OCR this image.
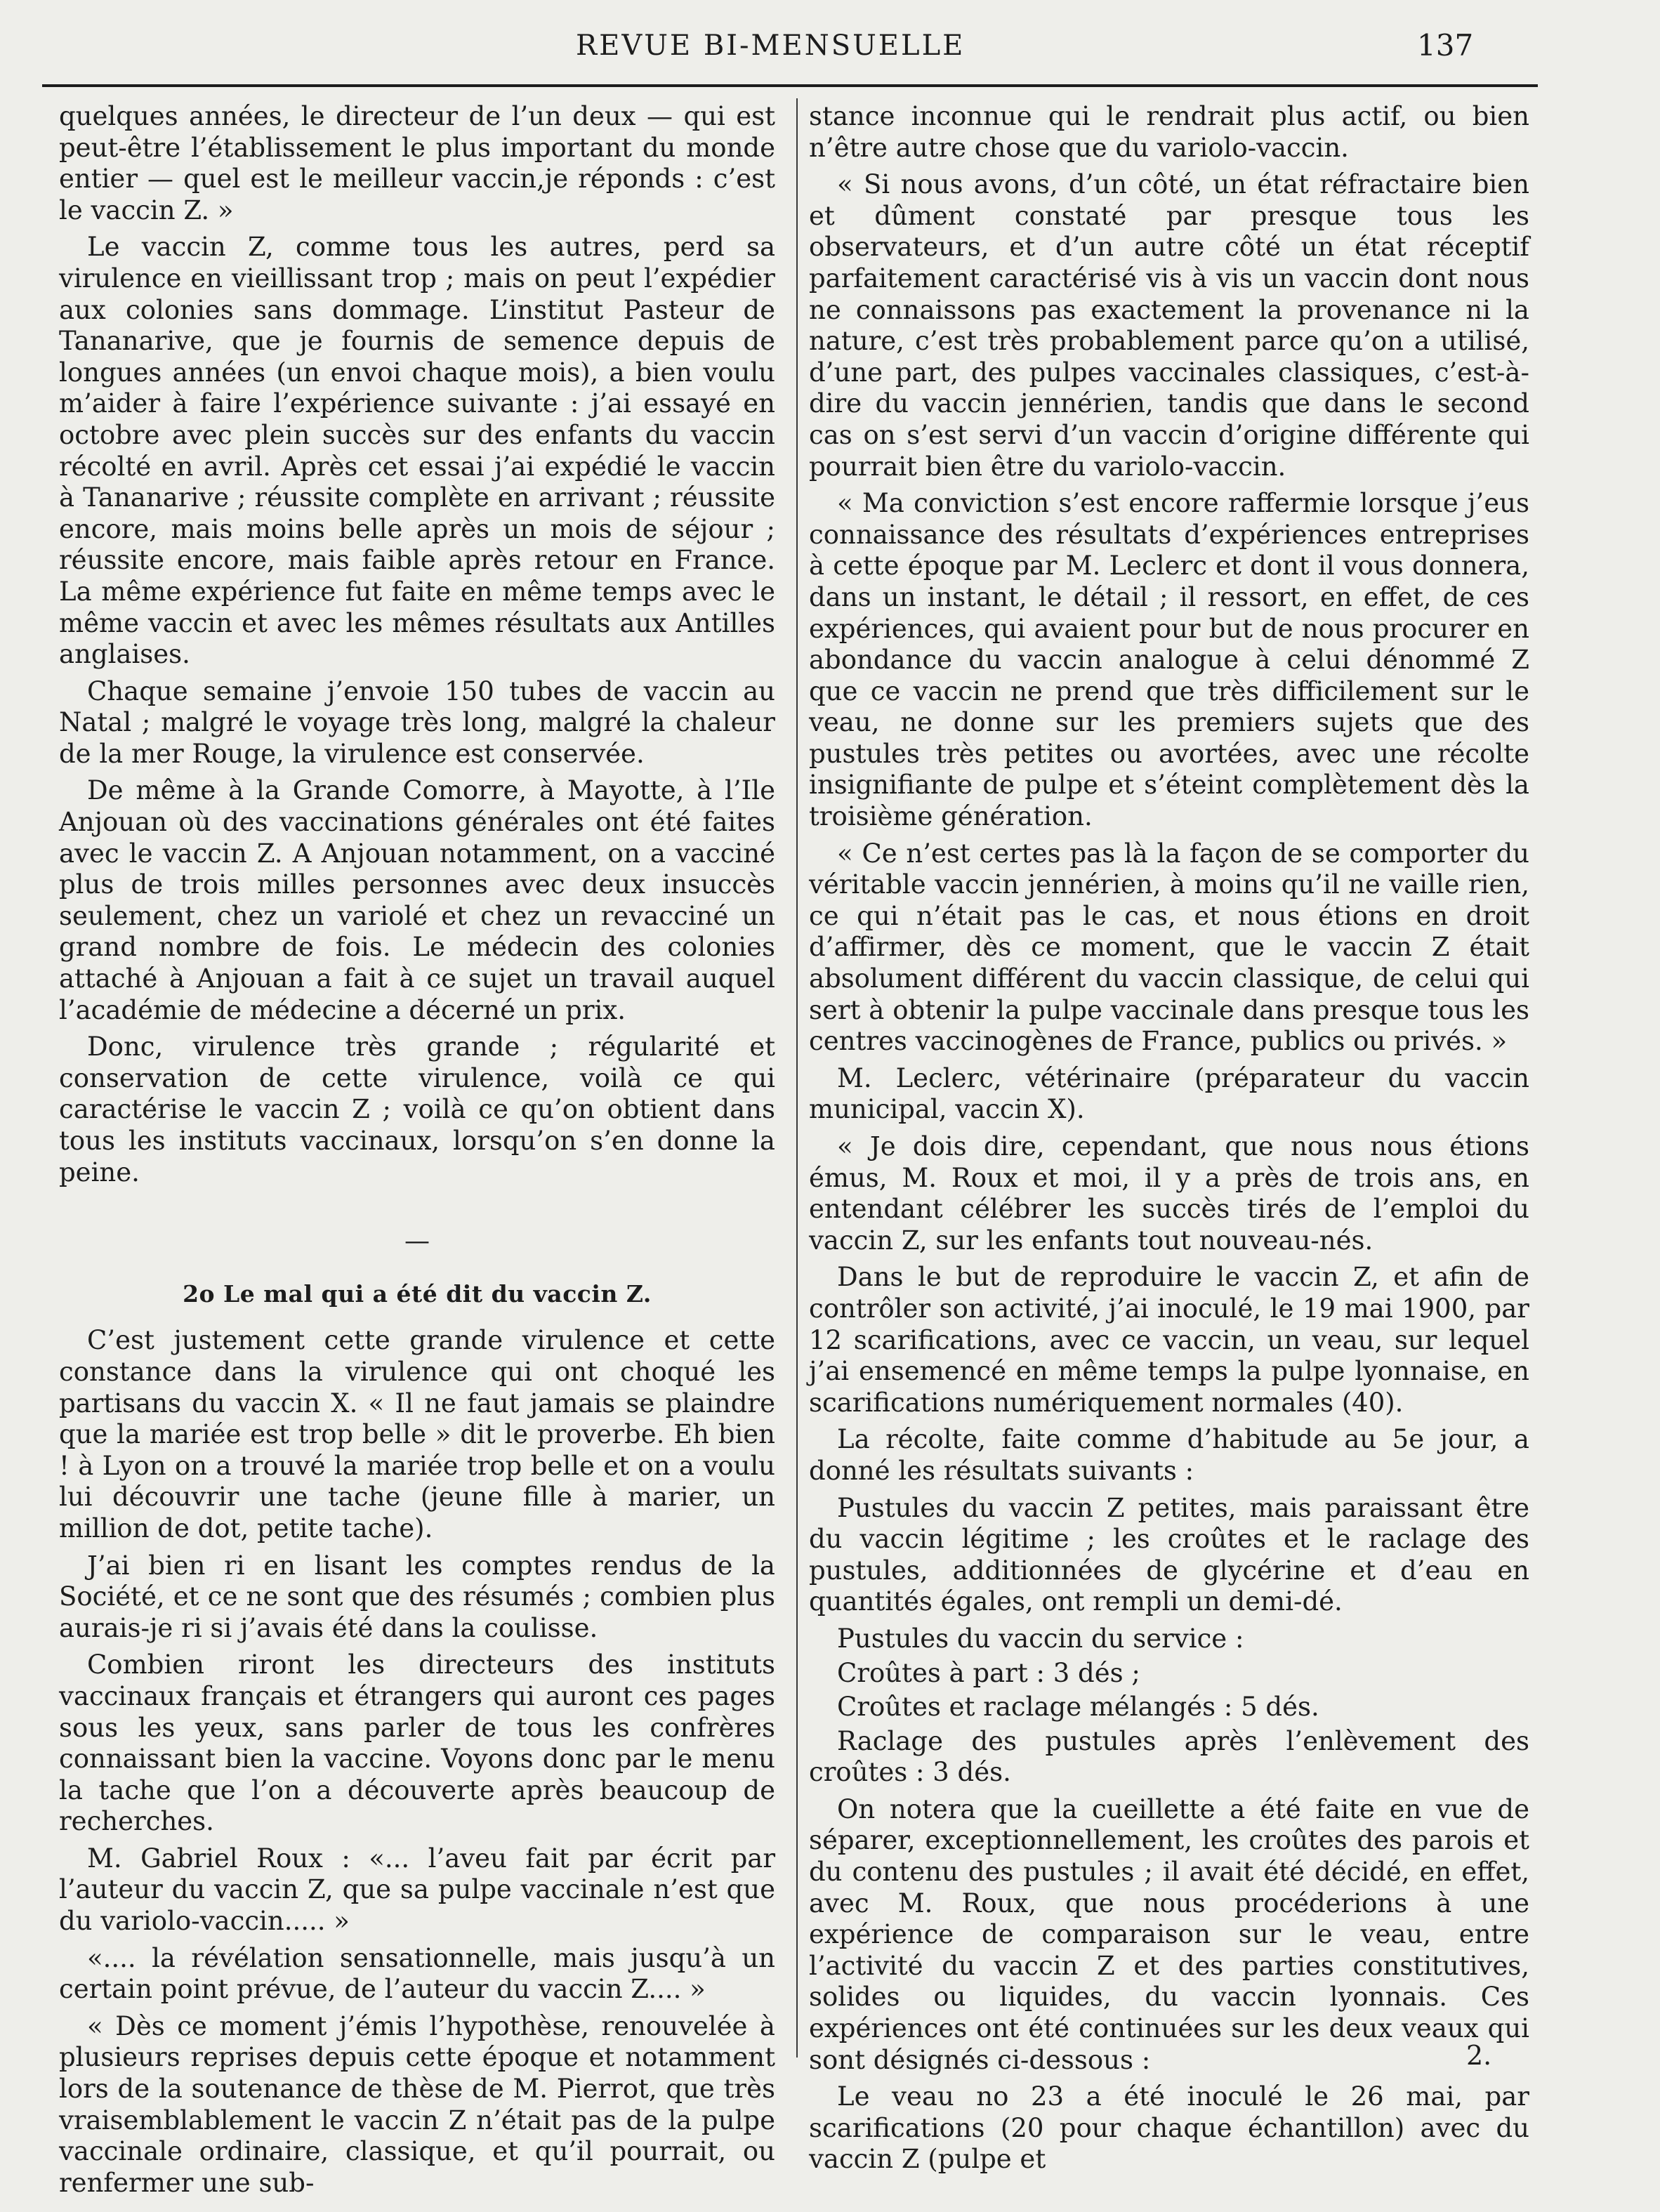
REVUE BI-MENSUELLE	137

quelques années, le directeur de l’un deux — qui est peut-être l’établissement le plus important du monde entier — quel est le meilleur vaccin,je réponds : c’est le vaccin Z. »

Le vaccin Z, comme tous les autres, perd sa virulence en vieillissant trop ; mais on peut l’expédier aux colonies sans dommage. L’institut Pasteur de Tananarive, que je fournis de semence depuis de longues années (un envoi chaque mois), a bien voulu m’aider à faire l’expérience suivante : j’ai essayé en octobre avec plein succès sur des enfants du vaccin récolté en avril. Après cet essai j’ai expédié le vaccin à Tananarive ; réussite complète en arrivant ; réussite encore, mais moins belle après un mois de séjour ; réussite encore, mais faible après retour en France. La même expérience fut faite en même temps avec le même vaccin et avec les mêmes résultats aux Antilles anglaises.

Chaque semaine j’envoie 150 tubes de vaccin au Natal ; malgré le voyage très long, malgré la chaleur de la mer Rouge, la virulence est conservée.

De même à la Grande Comorre, à Mayotte, à l’Ile Anjouan où des vaccinations générales ont été faites avec le vaccin Z. A Anjouan notamment, on a vacciné plus de trois milles personnes avec deux insuccès seulement, chez un variolé et chez un revacciné un grand nombre de fois. Le médecin des colonies attaché à Anjouan a fait à ce sujet un travail auquel l’académie de médecine a décerné un prix.

Donc, virulence très grande ; régularité et conservation de cette virulence, voilà ce qui caractérise le vaccin Z ; voilà ce qu’on obtient dans tous les instituts vaccinaux, lorsqu’on s’en donne la peine.

—
2o Le mal qui a été dit du vaccin Z.

C’est justement cette grande virulence et cette constance dans la virulence qui ont choqué les partisans du vaccin X. « Il ne faut jamais se plaindre que la mariée est trop belle » dit le proverbe. Eh bien ! à Lyon on a trouvé la mariée trop belle et on a voulu lui découvrir une tache (jeune fille à marier, un million de dot, petite tache).

J’ai bien ri en lisant les comptes rendus de la Société, et ce ne sont que des résumés ; combien plus aurais-je ri si j’avais été dans la coulisse.

Combien riront les directeurs des instituts vaccinaux français et étrangers qui auront ces pages sous les yeux, sans parler de tous les confrères connaissant bien la vaccine. Voyons donc par le menu la tache que l’on a découverte après beaucoup de recherches.

M. Gabriel Roux : «... l’aveu fait par écrit par l’auteur du vaccin Z, que sa pulpe vaccinale n’est que du variolo-vaccin..... »

«.... la révélation sensationnelle, mais jusqu’à un certain point prévue, de l’auteur du vaccin Z.... »

« Dès ce moment j’émis l’hypothèse, renouvelée à plusieurs reprises depuis cette époque et notamment lors de la soutenance de thèse de M. Pierrot, que très vraisemblablement le vaccin Z n’était pas de la pulpe vaccinale ordinaire, classique, et qu’il pourrait, ou renfermer une sub-

stance inconnue qui le rendrait plus actif, ou bien n’être autre chose que du variolo-vaccin.

« Si nous avons, d’un côté, un état réfractaire bien et dûment constaté par presque tous les observateurs, et d’un autre côté un état réceptif parfaitement caractérisé vis à vis un vaccin dont nous ne connaissons pas exactement la provenance ni la nature, c’est très probablement parce qu’on a utilisé, d’une part, des pulpes vaccinales classiques, c’est-à-dire du vaccin jennérien, tandis que dans le second cas on s’est servi d’un vaccin d’origine différente qui pourrait bien être du variolo-vaccin.

« Ma conviction s’est encore raffermie lorsque j’eus connaissance des résultats d’expériences entreprises à cette époque par M. Leclerc et dont il vous donnera, dans un instant, le détail ; il ressort, en effet, de ces expériences, qui avaient pour but de nous procurer en abondance du vaccin analogue à celui dénommé Z que ce vaccin ne prend que très difficilement sur le veau, ne donne sur les premiers sujets que des pustules très petites ou avortées, avec une récolte insignifiante de pulpe et s’éteint complètement dès la troisième génération.

« Ce n’est certes pas là la façon de se comporter du véritable vaccin jennérien, à moins qu’il ne vaille rien, ce qui n’était pas le cas, et nous étions en droit d’affirmer, dès ce moment, que le vaccin Z était absolument différent du vaccin classique, de celui qui sert à obtenir la pulpe vaccinale dans presque tous les centres vaccinogènes de France, publics ou privés. »

M. Leclerc, vétérinaire (préparateur du vaccin municipal, vaccin X).

« Je dois dire, cependant, que nous nous étions émus, M. Roux et moi, il y a près de trois ans, en entendant célébrer les succès tirés de l’emploi du vaccin Z, sur les enfants tout nouveau-nés.

Dans le but de reproduire le vaccin Z, et afin de contrôler son activité, j’ai inoculé, le 19 mai 1900, par 12 scarifications, avec ce vaccin, un veau, sur lequel j’ai ensemencé en même temps la pulpe lyonnaise, en scarifications numériquement normales (40).

La récolte, faite comme d’habitude au 5e jour, a donné les résultats suivants :

Pustules du vaccin Z petites, mais paraissant être du vaccin légitime ; les croûtes et le raclage des pustules, additionnées de glycérine et d’eau en quantités égales, ont rempli un demi-dé.

Pustules du vaccin du service :

Croûtes à part : 3 dés ;

Croûtes et raclage mélangés : 5 dés.

Raclage des pustules après l’enlèvement des croûtes : 3 dés.

On notera que la cueillette a été faite en vue de séparer, exceptionnellement, les croûtes des parois et du contenu des pustules ; il avait été décidé, en effet, avec M. Roux, que nous procéderions à une expérience de comparaison sur le veau, entre l’activité du vaccin Z et des parties constitutives, solides ou liquides, du vaccin lyonnais. Ces expériences ont été continuées sur les deux veaux qui sont désignés ci-dessous :

Le veau no 23 a été inoculé le 26 mai, par scarifications (20 pour chaque échantillon) avec du vaccin Z (pulpe et

2.
